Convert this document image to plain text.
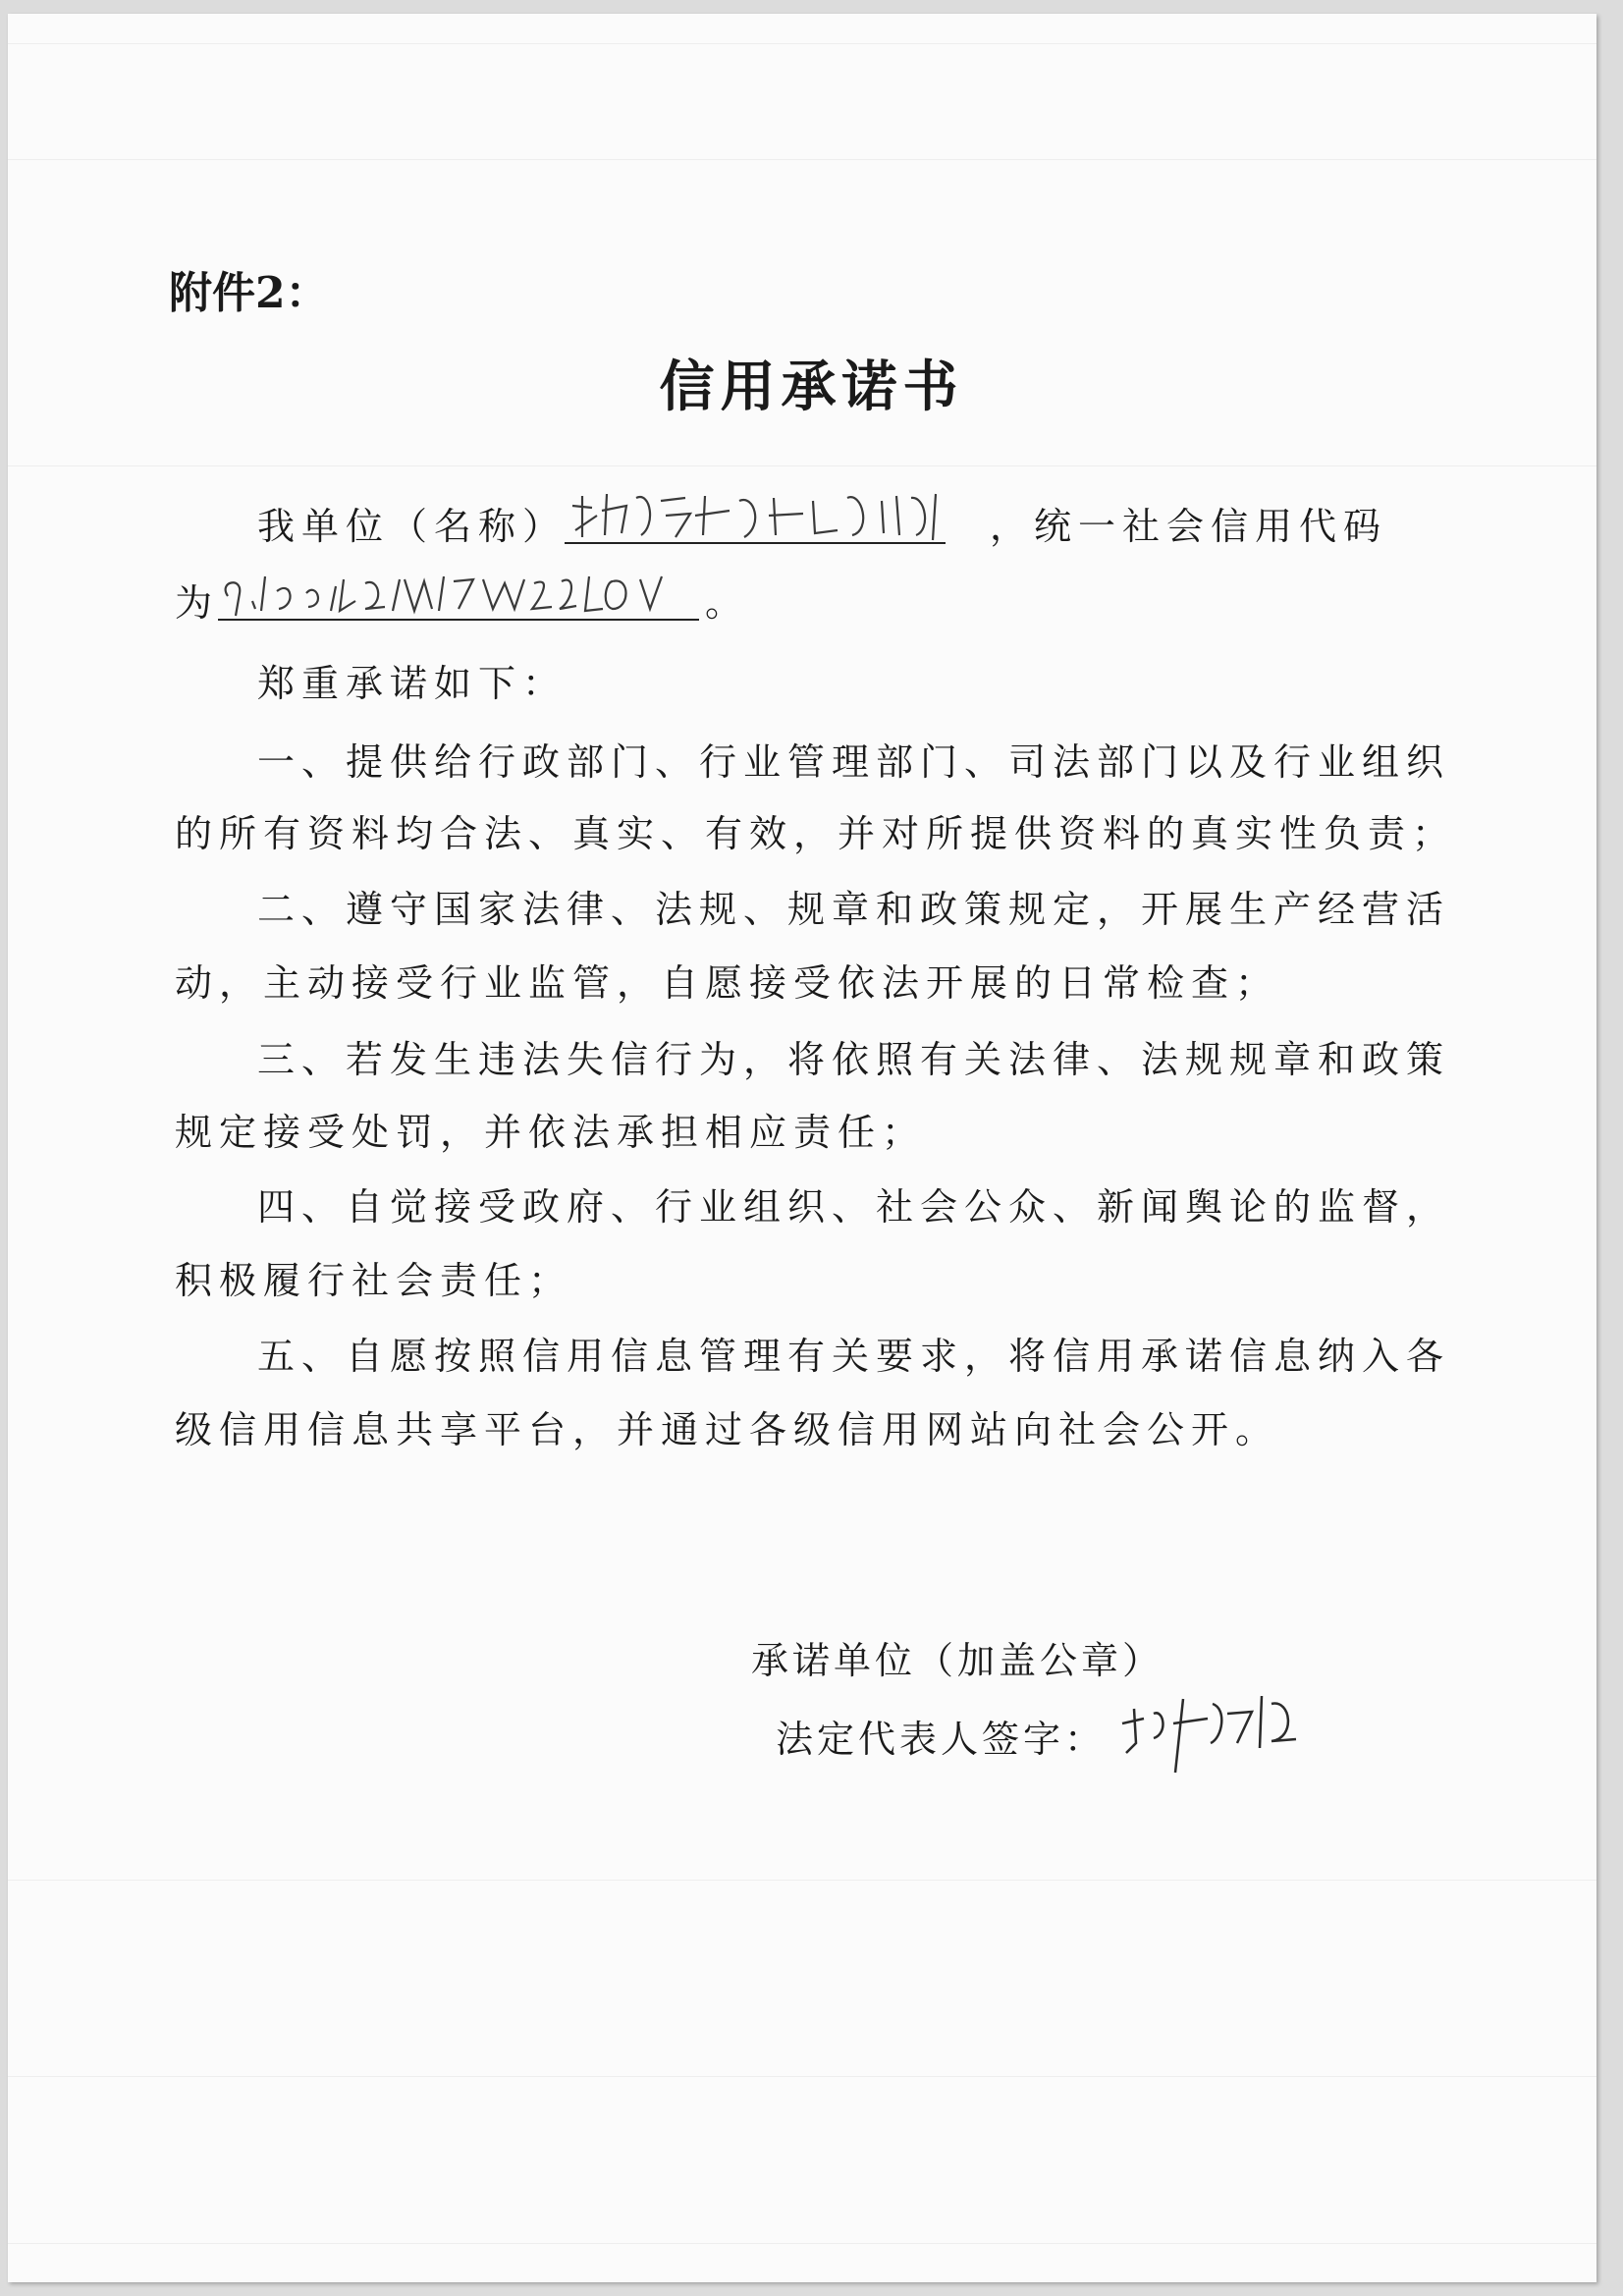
附件2：
信用承诺书
我单位（名称）	，统一社会信用代码
为	。
郑重承诺如下：
一、提供给行政部门、行业管理部门、司法部门以及行业组织
的所有资料均合法、真实、有效，并对所提供资料的真实性负责；
二、遵守国家法律、法规、规章和政策规定，开展生产经营活
动，主动接受行业监管，自愿接受依法开展的日常检查；
三、若发生违法失信行为，将依照有关法律、法规规章和政策
规定接受处罚，并依法承担相应责任；
四、自觉接受政府、行业组织、社会公众、新闻舆论的监督，
积极履行社会责任；
五、自愿按照信用信息管理有关要求，将信用承诺信息纳入各
级信用信息共享平台，并通过各级信用网站向社会公开。
承诺单位（加盖公章）
法定代表人签字：
